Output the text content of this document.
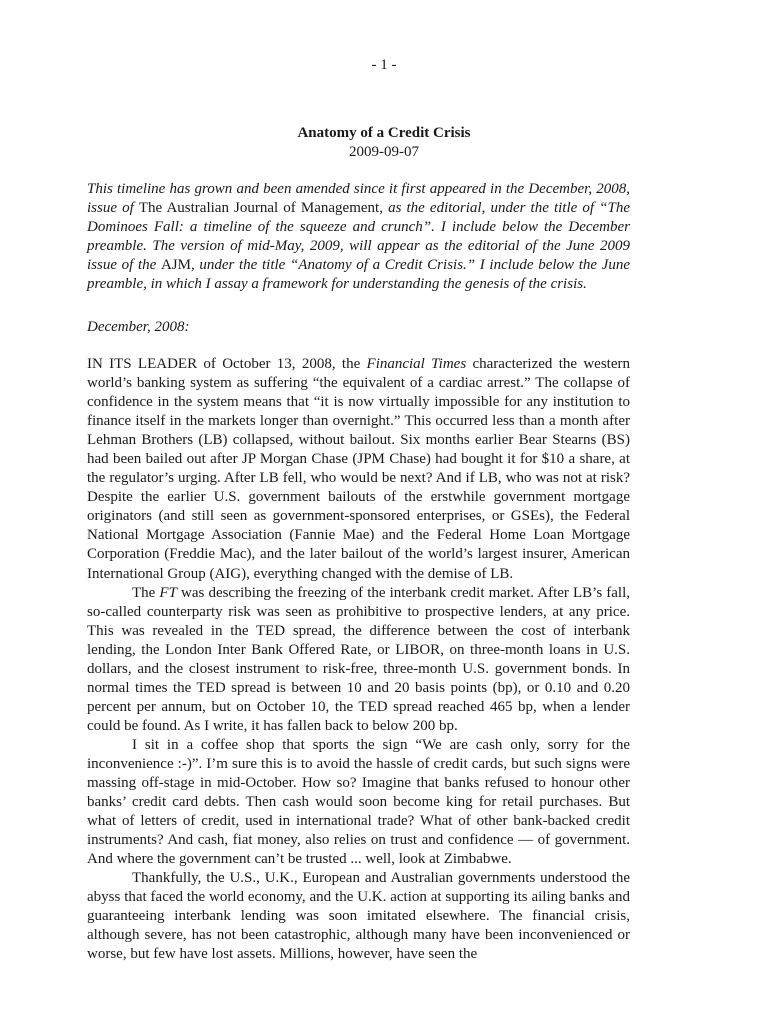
- 1 -
Anatomy of a Credit Crisis
2009-09-07

This timeline has grown and been amended since it first appeared in the December, 2008, issue of The Australian Journal of Management, as the editorial, under the title of “The Dominoes Fall: a timeline of the squeeze and crunch”. I include below the December preamble. The version of mid-May, 2009, will appear as the editorial of the June 2009 issue of the AJM, under the title “Anatomy of a Credit Crisis.” I include below the June preamble, in which I assay a framework for understanding the genesis of the crisis.

December, 2008:

IN ITS LEADER of October 13, 2008, the Financial Times characterized the western world’s banking system as suffering “the equivalent of a cardiac arrest.” The collapse of confidence in the system means that “it is now virtually impossible for any institution to finance itself in the markets longer than overnight.” This occurred less than a month after Lehman Brothers (LB) collapsed, without bailout. Six months earlier Bear Stearns (BS) had been bailed out after JP Morgan Chase (JPM Chase) had bought it for $10 a share, at the regulator’s urging. After LB fell, who would be next? And if LB, who was not at risk? Despite the earlier U.S. government bailouts of the erstwhile government mortgage originators (and still seen as government-sponsored enterprises, or GSEs), the Federal National Mortgage Association (Fannie Mae) and the Federal Home Loan Mortgage Corporation (Freddie Mac), and the later bailout of the world’s largest insurer, American International Group (AIG), everything changed with the demise of LB.

The FT was describing the freezing of the interbank credit market. After LB’s fall, so-called counterparty risk was seen as prohibitive to prospective lenders, at any price. This was revealed in the TED spread, the difference between the cost of interbank lending, the London Inter Bank Offered Rate, or LIBOR, on three-month loans in U.S. dollars, and the closest instrument to risk-free, three-month U.S. government bonds. In normal times the TED spread is between 10 and 20 basis points (bp), or 0.10 and 0.20 percent per annum, but on October 10, the TED spread reached 465 bp, when a lender could be found. As I write, it has fallen back to below 200 bp.

I sit in a coffee shop that sports the sign “We are cash only, sorry for the inconvenience :-)”. I’m sure this is to avoid the hassle of credit cards, but such signs were massing off-stage in mid-October. How so? Imagine that banks refused to honour other banks’ credit card debts. Then cash would soon become king for retail purchases. But what of letters of credit, used in international trade? What of other bank-backed credit instruments? And cash, fiat money, also relies on trust and confidence — of government. And where the government can’t be trusted ... well, look at Zimbabwe.

Thankfully, the U.S., U.K., European and Australian governments understood the abyss that faced the world economy, and the U.K. action at supporting its ailing banks and guaranteeing interbank lending was soon imitated elsewhere. The financial crisis, although severe, has not been catastrophic, although many have been inconvenienced or worse, but few have lost assets. Millions, however, have seen the
